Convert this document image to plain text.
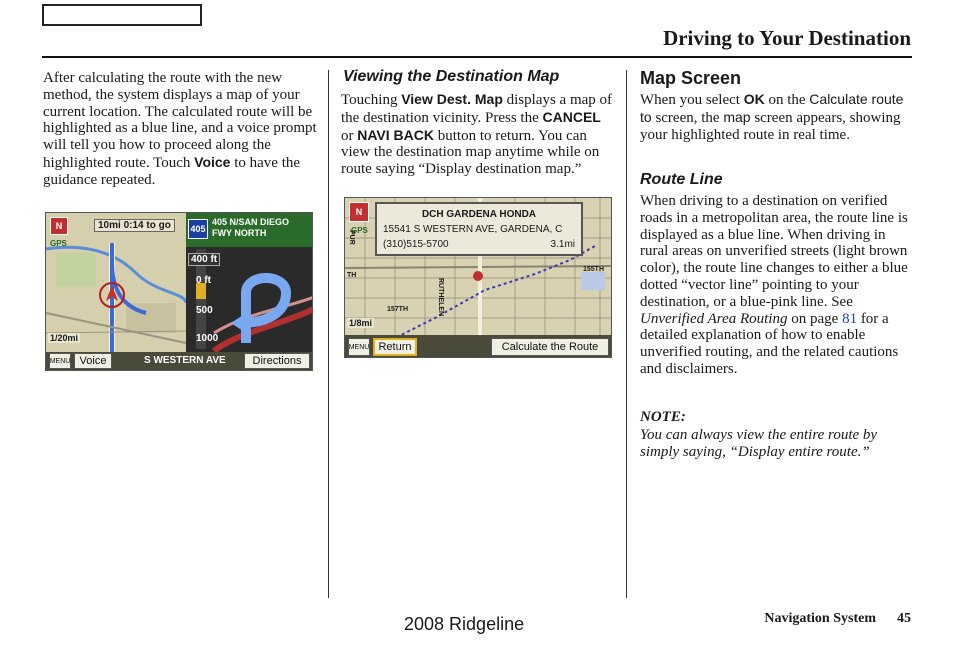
Driving to Your Destination
After calculating the route with the new method, the system displays a map of your current location. The calculated route will be highlighted as a blue line, and a voice prompt will tell you how to proceed along the highlighted route. Touch Voice to have the guidance repeated.
N
GPS
10mi 0:14 to go	405
405 N/SAN DIEGO
FWY NORTH
400 ft
0 ft
500
1000
1/20mi
MENU Voice	S WESTERN AVE	Directions
Viewing the Destination Map
Touching View Dest. Map displays a map of the destination vicinity. Press the CANCEL or NAVI BACK button to return. You can view the destination map anytime while on route saying “Display destination map.”
N
GPS
DCH GARDENA HONDA
15541 S WESTERN AVE, GARDENA, C
(310)515-5700	3.1mi
PUR
TH
157TH
155TH
RUTHELEN
1/8mi
MENU Return	Calculate the Route
Map Screen
When you select OK on the Calculate route to screen, the map screen appears, showing your highlighted route in real time.
Route Line
When driving to a destination on verified roads in a metropolitan area, the route line is displayed as a blue line. When driving in rural areas on unverified streets (light brown color), the route line changes to either a blue dotted “vector line” pointing to your destination, or a blue-pink line. See Unverified Area Routing on page 81 for a detailed explanation of how to enable unverified routing, and the related cautions and disclaimers.
NOTE:
You can always view the entire route by simply saying, “Display entire route.”
2008 Ridgeline	Navigation System 45
